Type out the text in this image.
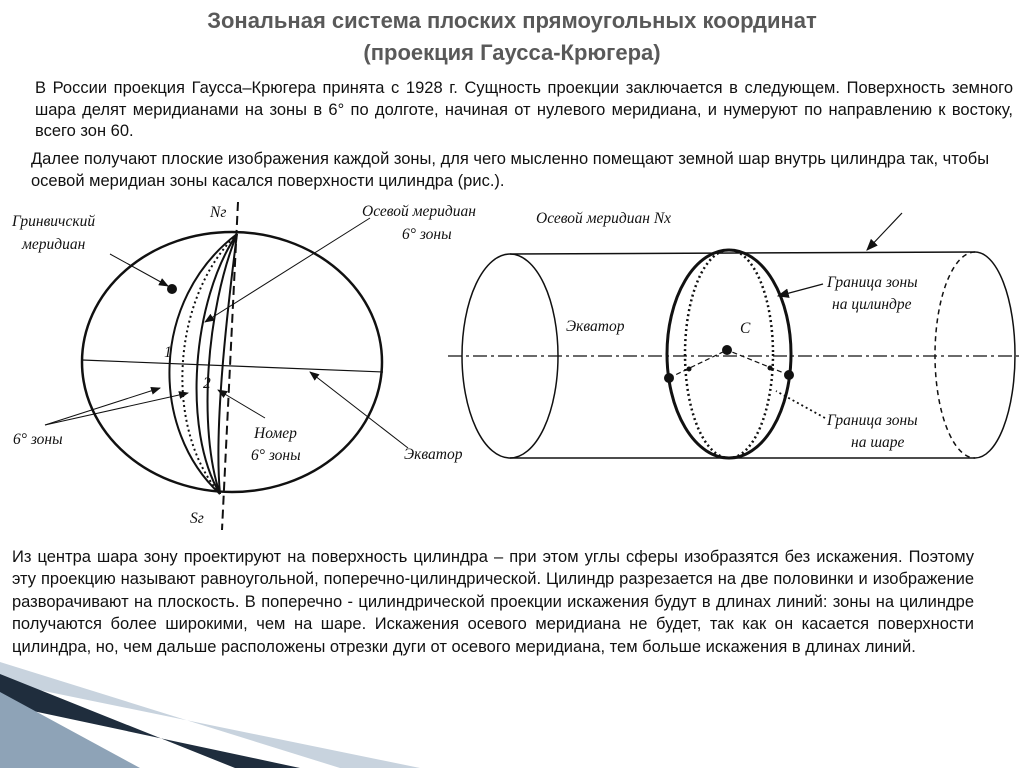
Зональная система плоских прямоугольных координат
(проекция Гаусса-Крюгера)
В России проекция Гаусса–Крюгера принята с 1928 г. Сущность проекции заключается в следующем. Поверхность земного шара делят меридианами на зоны в 6° по долготе, начиная от нулевого меридиана, и нумеруют по направлению к востоку, всего зон 60.
Далее получают плоские изображения каждой зоны, для чего мысленно помещают земной шар внутрь цилиндра так, чтобы осевой меридиан зоны касался поверхности цилиндра (рис.).
Nг
Sг
Гринвичский
меридиан
Осевой меридиан
6° зоны
6° зоны	Номер
6° зоны	Экватор
1
2
Осевой меридиан Nx
Экватор	C
Граница зоны
на цилиндре
Граница зоны
на шаре
Из центра шара зону проектируют на поверхность цилиндра – при этом углы сферы изобразятся без искажения. Поэтому эту проекцию называют равноугольной, поперечно-цилиндрической. Цилиндр разрезается на две половинки и изображение разворачивают на плоскость. В поперечно - цилиндрической проекции искажения будут в длинах линий: зоны на цилиндре получаются более широкими, чем на шаре. Искажения осевого меридиана не будет, так как он касается поверхности цилиндра, но, чем дальше расположены отрезки дуги от осевого меридиана, тем больше искажения в длинах линий.
